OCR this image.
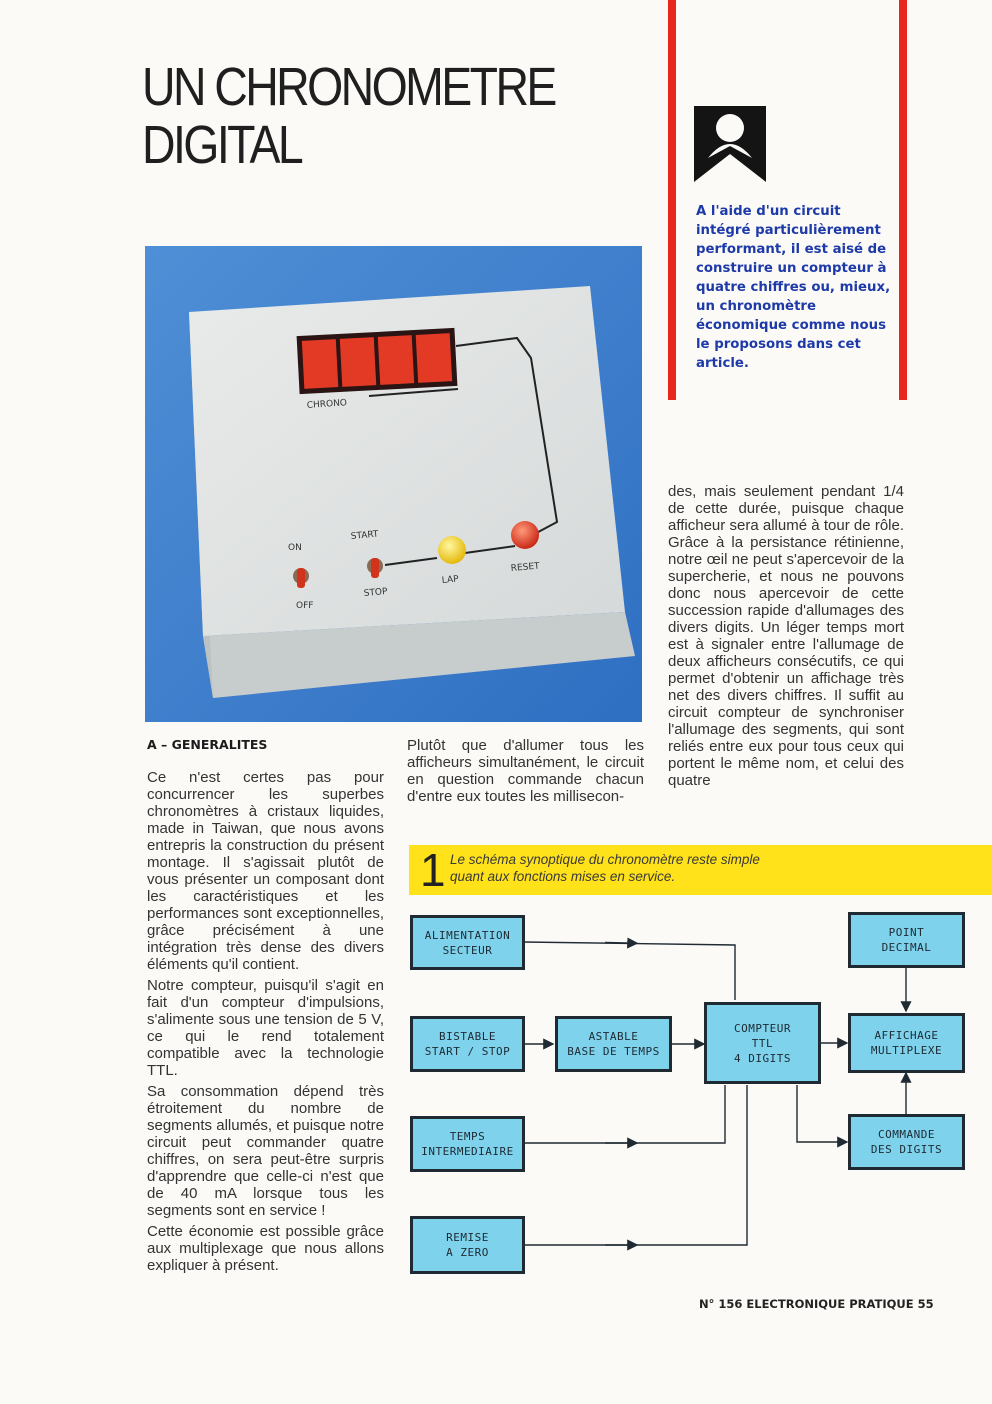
UN CHRONOMETRE
DIGITAL
A l'aide d'un circuit intégré particulièrement performant, il est aisé de construire un compteur à quatre chiffres ou, mieux, un chronomètre économique comme nous le proposons dans cet article.
CHRONO
ON
OFF
START
STOP
LAP
RESET
A – GENERALITES

Ce n'est certes pas pour concurrencer les superbes chronomètres à cristaux liquides, made in Taiwan, que nous avons entrepris la construction du présent montage. Il s'agissait plutôt de vous présenter un composant dont les caractéristiques et les performances sont exceptionnelles, grâce précisément à une intégration très dense des divers éléments qu'il contient.

Notre compteur, puisqu'il s'agit en fait d'un compteur d'impulsions, s'alimente sous une tension de 5 V, ce qui le rend totalement compatible avec la technologie TTL.

Sa consommation dépend très étroitement du nombre de segments allumés, et puisque notre circuit peut commander quatre chiffres, on sera peut-être surpris d'apprendre que celle-ci n'est que de 40 mA lorsque tous les segments sont en service !

Cette économie est possible grâce aux multiplexage que nous allons expliquer à présent.

Plutôt que d'allumer tous les afficheurs simultanément, le circuit en question commande chacun d'entre eux toutes les millisecon-

des, mais seulement pendant 1/4 de cette durée, puisque chaque afficheur sera allumé à tour de rôle. Grâce à la persistance rétinienne, notre œil ne peut s'apercevoir de la supercherie, et nous ne pouvons donc nous apercevoir de cette succession rapide d'allumages des divers digits. Un léger temps mort est à signaler entre l'allumage de deux afficheurs consécutifs, ce qui permet d'obtenir un affichage très net des divers chiffres. Il suffit au circuit compteur de synchroniser l'allumage des segments, qui sont reliés entre eux pour tous ceux qui portent le même nom, et celui des quatre

1 Le schéma synoptique du chronomètre reste simple
quant aux fonctions mises en service.
ALIMENTATION
SECTEUR
BISTABLE
START / STOP
ASTABLE
BASE DE TEMPS
TEMPS
INTERMEDIAIRE
REMISE
A ZERO
COMPTEUR
TTL
4 DIGITS
POINT
DECIMAL
AFFICHAGE
MULTIPLEXE
COMMANDE
DES DIGITS
N° 156 ELECTRONIQUE PRATIQUE 55
